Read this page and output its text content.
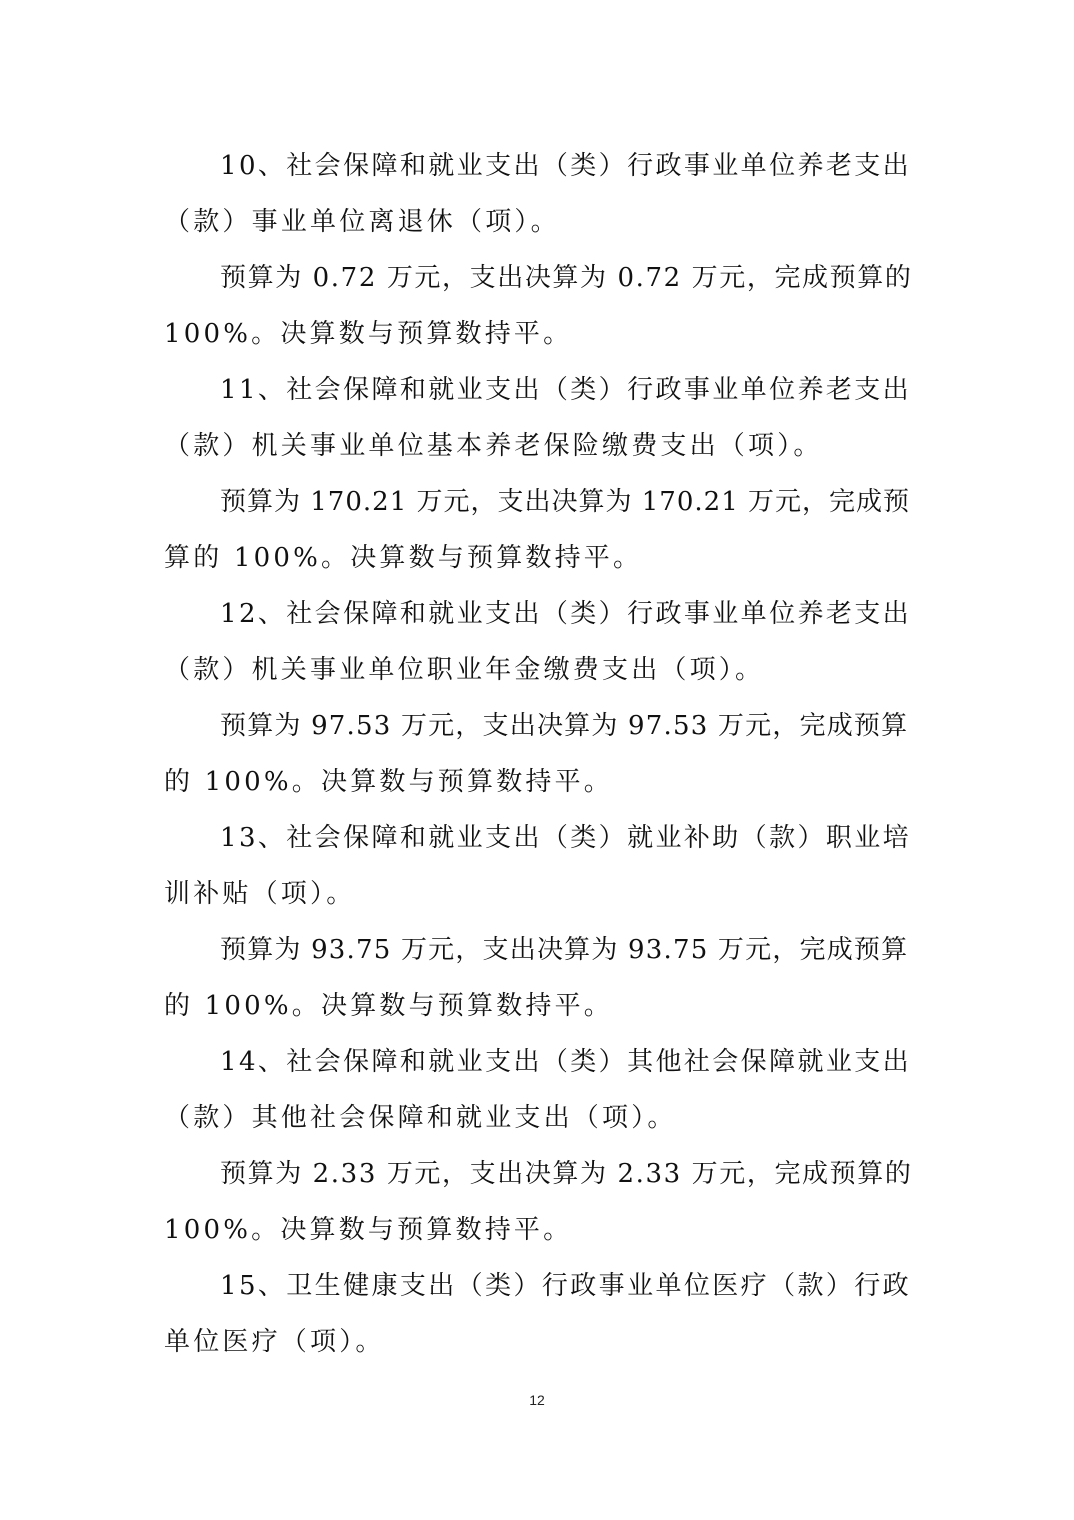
10、社会保障和就业支出（类）行政事业单位养老支出
（款）事业单位离退休（项）。
预算为 0.72 万元，支出决算为 0.72 万元，完成预算的
100%。决算数与预算数持平。
11、社会保障和就业支出（类）行政事业单位养老支出
（款）机关事业单位基本养老保险缴费支出（项）。
预算为 170.21 万元，支出决算为 170.21 万元，完成预
算的 100%。决算数与预算数持平。
12、社会保障和就业支出（类）行政事业单位养老支出
（款）机关事业单位职业年金缴费支出（项）。
预算为 97.53 万元，支出决算为 97.53 万元，完成预算
的 100%。决算数与预算数持平。
13、社会保障和就业支出（类）就业补助（款）职业培
训补贴（项）。
预算为 93.75 万元，支出决算为 93.75 万元，完成预算
的 100%。决算数与预算数持平。
14、社会保障和就业支出（类）其他社会保障就业支出
（款）其他社会保障和就业支出（项）。
预算为 2.33 万元，支出决算为 2.33 万元，完成预算的
100%。决算数与预算数持平。
15、卫生健康支出（类）行政事业单位医疗（款）行政
单位医疗（项）。
12
